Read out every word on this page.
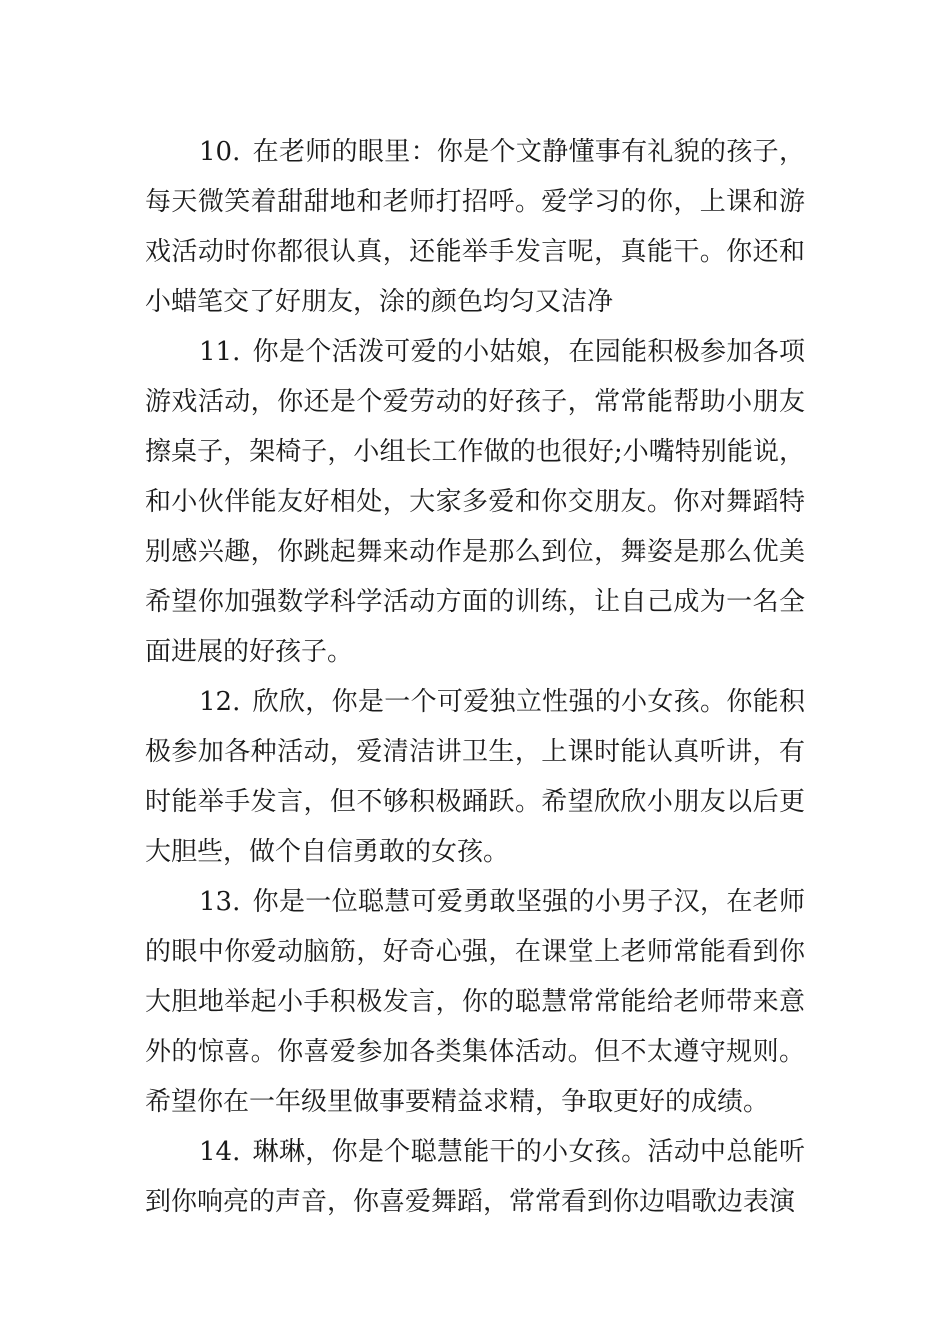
10. 在老师的眼里：你是个文静懂事有礼貌的孩子，每天微笑着甜甜地和老师打招呼。爱学习的你，上课和游戏活动时你都很认真，还能举手发言呢，真能干。你还和小蜡笔交了好朋友，涂的颜色均匀又洁净

11. 你是个活泼可爱的小姑娘，在园能积极参加各项游戏活动，你还是个爱劳动的好孩子，常常能帮助小朋友擦桌子，架椅子，小组长工作做的也很好;小嘴特别能说，和小伙伴能友好相处，大家多爱和你交朋友。你对舞蹈特别感兴趣，你跳起舞来动作是那么到位，舞姿是那么优美希望你加强数学科学活动方面的训练，让自己成为一名全面进展的好孩子。

12. 欣欣，你是一个可爱独立性强的小女孩。你能积极参加各种活动，爱清洁讲卫生，上课时能认真听讲，有时能举手发言，但不够积极踊跃。希望欣欣小朋友以后更大胆些，做个自信勇敢的女孩。

13. 你是一位聪慧可爱勇敢坚强的小男子汉，在老师的眼中你爱动脑筋，好奇心强，在课堂上老师常能看到你大胆地举起小手积极发言，你的聪慧常常能给老师带来意外的惊喜。你喜爱参加各类集体活动。但不太遵守规则。希望你在一年级里做事要精益求精，争取更好的成绩。

14. 琳琳，你是个聪慧能干的小女孩。活动中总能听到你响亮的声音，你喜爱舞蹈，常常看到你边唱歌边表演
